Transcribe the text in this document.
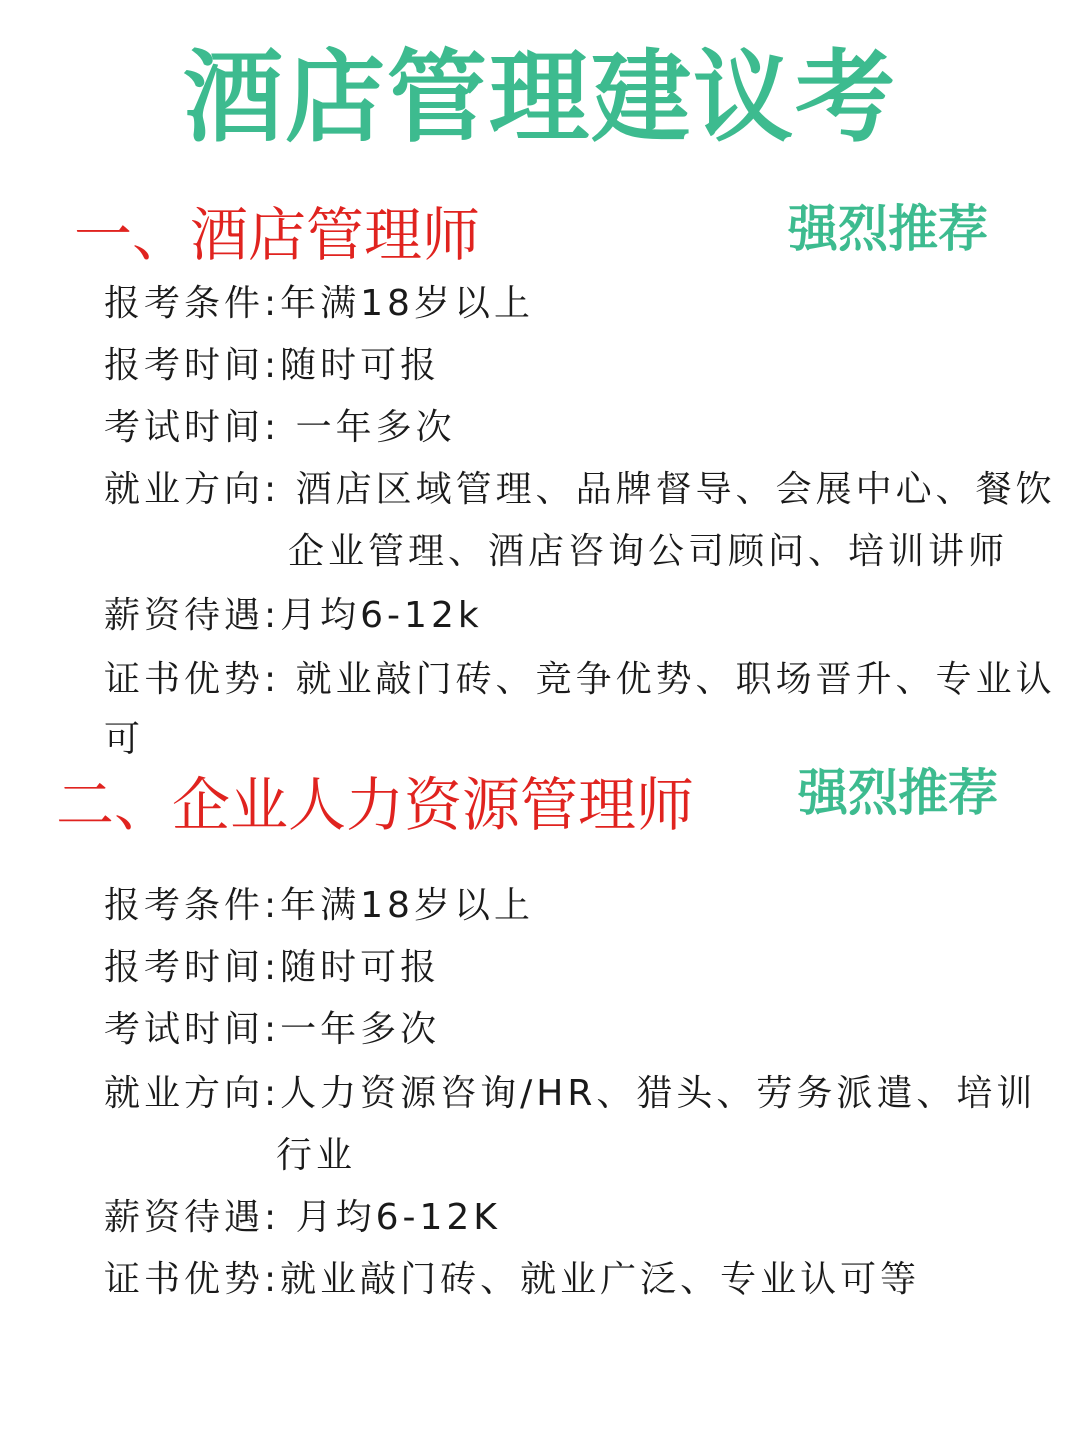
酒店管理建议考
一、酒店管理师	强烈推荐
报考条件:年满18岁以上
报考时间:随时可报
考试时间: 一年多次
就业方向: 酒店区域管理、品牌督导、会展中心、餐饮
企业管理、酒店咨询公司顾问、培训讲师
薪资待遇:月均6-12k
证书优势: 就业敲门砖、竞争优势、职场晋升、专业认
可
二、企业人力资源管理师 强烈推荐
报考条件:年满18岁以上
报考时间:随时可报
考试时间:一年多次
就业方向:人力资源咨询/HR、猎头、劳务派遣、培训
行业
薪资待遇: 月均6-12K
证书优势:就业敲门砖、就业广泛、专业认可等
